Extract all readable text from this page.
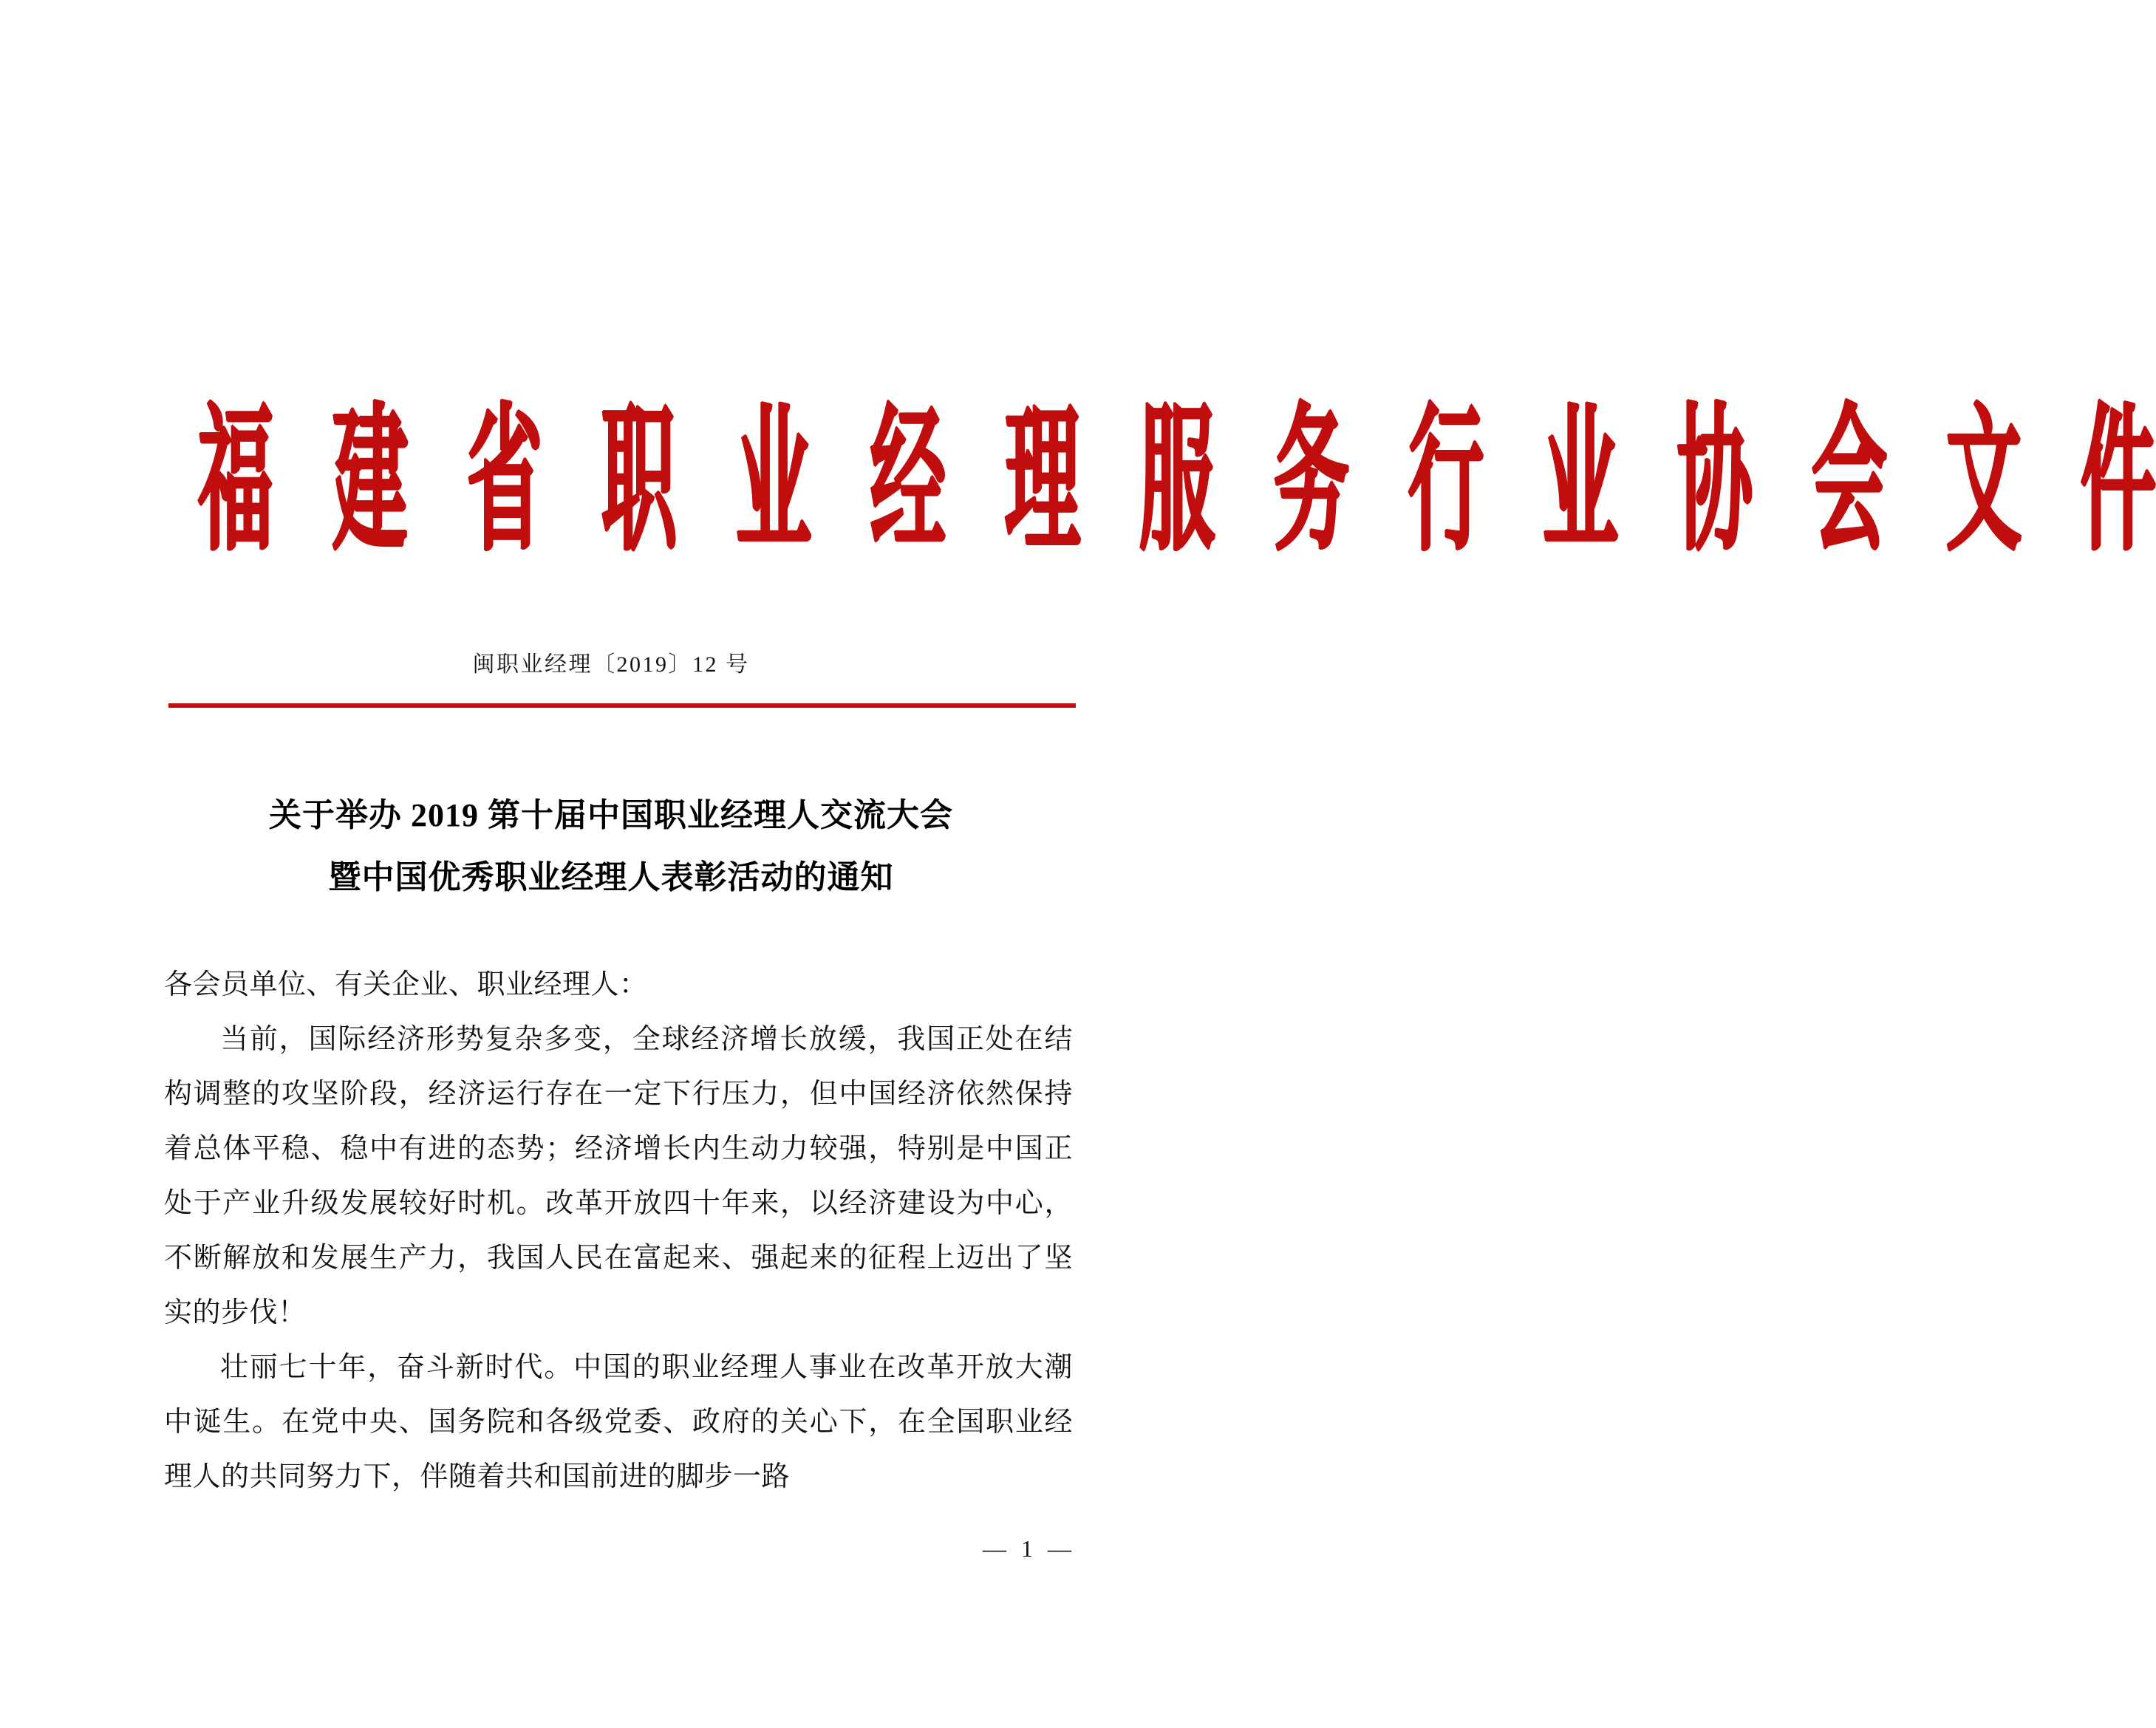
福 建 省 职 业 经 理 服 务 行 业 协 会 文 件
闽职业经理〔2019〕12 号
关于举办 2019 第十届中国职业经理人交流大会
暨中国优秀职业经理人表彰活动的通知

各会员单位、有关企业、职业经理人：

当前，国际经济形势复杂多变，全球经济增长放缓，我国正处在结构调整的攻坚阶段，经济运行存在一定下行压力，但中国经济依然保持着总体平稳、稳中有进的态势；经济增长内生动力较强，特别是中国正处于产业升级发展较好时机。改革开放四十年来，以经济建设为中心，不断解放和发展生产力，我国人民在富起来、强起来的征程上迈出了坚实的步伐！

壮丽七十年，奋斗新时代。中国的职业经理人事业在改革开放大潮中诞生。在党中央、国务院和各级党委、政府的关心下，在全国职业经理人的共同努力下，伴随着共和国前进的脚步一路

— 1 —
